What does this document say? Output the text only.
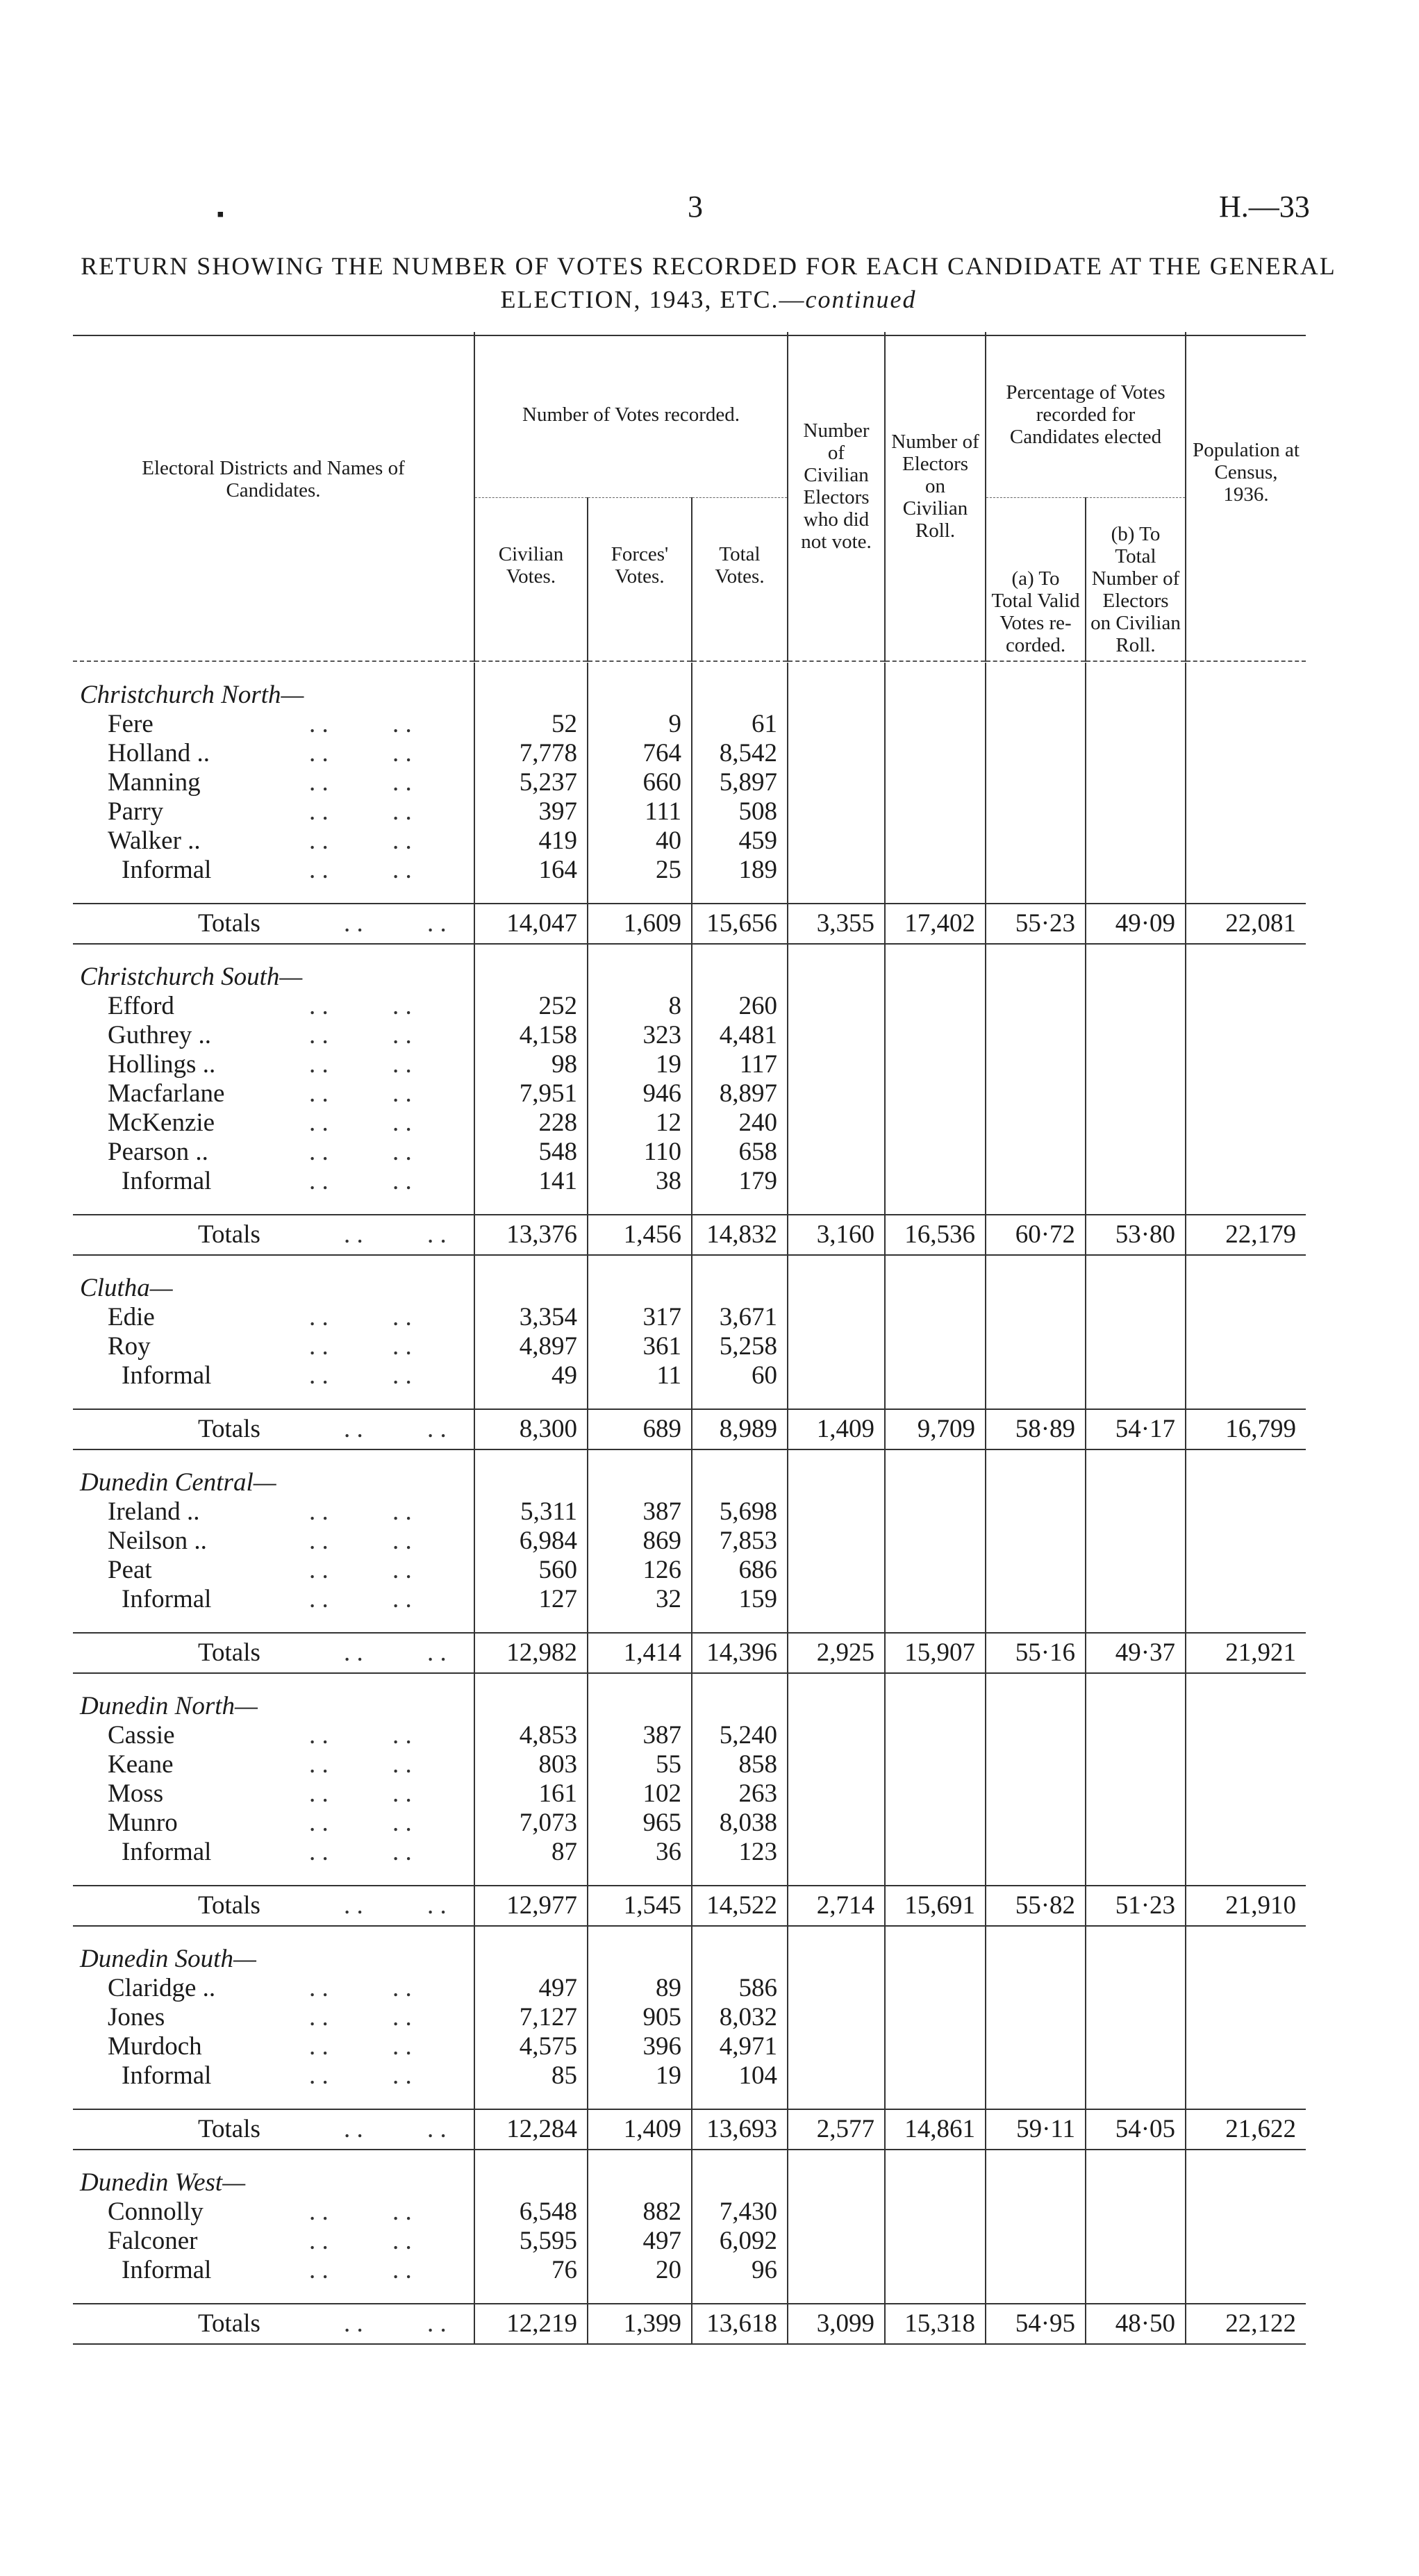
▪	3	H.—33
RETURN SHOWING THE NUMBER OF VOTES RECORDED FOR EACH CANDIDATE AT THE GENERAL
ELECTION, 1943, ETC.—continued
Electoral Districts and Names of Candidates.	Number of Votes recorded.			Number of Civilian Electors who did not vote.	Number of Electors on Civilian Roll.	Percentage of Votes recorded for Candidates elected		Population at Census, 1936.
	Civilian Votes.	Forces' Votes.	Total Votes.			(a) To Total Valid Votes re-corded.	(b) To Total Number of Electors on Civilian Roll.	

Christchurch North—								
Fere . . . .	52	9	61					
Holland .. . . . .	7,778	764	8,542					
Manning . . . .	5,237	660	5,897					
Parry . . . .	397	111	508					
Walker .. . . . .	419	40	459					
Informal . . . .	164	25	189					

Totals . . . .	14,047	1,609	15,656	3,355	17,402	55·23	49·09	22,081

Christchurch South—								
Efford . . . .	252	8	260					
Guthrey .. . . . .	4,158	323	4,481					
Hollings .. . . . .	98	19	117					
Macfarlane . . . .	7,951	946	8,897					
McKenzie . . . .	228	12	240					
Pearson .. . . . .	548	110	658					
Informal . . . .	141	38	179					

Totals . . . .	13,376	1,456	14,832	3,160	16,536	60·72	53·80	22,179

Clutha—								
Edie . . . .	3,354	317	3,671					
Roy . . . .	4,897	361	5,258					
Informal . . . .	49	11	60					

Totals . . . .	8,300	689	8,989	1,409	9,709	58·89	54·17	16,799

Dunedin Central—								
Ireland .. . . . .	5,311	387	5,698					
Neilson .. . . . .	6,984	869	7,853					
Peat . . . .	560	126	686					
Informal . . . .	127	32	159					

Totals . . . .	12,982	1,414	14,396	2,925	15,907	55·16	49·37	21,921

Dunedin North—								
Cassie . . . .	4,853	387	5,240					
Keane . . . .	803	55	858					
Moss . . . .	161	102	263					
Munro . . . .	7,073	965	8,038					
Informal . . . .	87	36	123					

Totals . . . .	12,977	1,545	14,522	2,714	15,691	55·82	51·23	21,910

Dunedin South—								
Claridge .. . . . .	497	89	586					
Jones . . . .	7,127	905	8,032					
Murdoch . . . .	4,575	396	4,971					
Informal . . . .	85	19	104					

Totals . . . .	12,284	1,409	13,693	2,577	14,861	59·11	54·05	21,622

Dunedin West—								
Connolly . . . .	6,548	882	7,430					
Falconer . . . .	5,595	497	6,092					
Informal . . . .	76	20	96					

Totals . . . .	12,219	1,399	13,618	3,099	15,318	54·95	48·50	22,122
